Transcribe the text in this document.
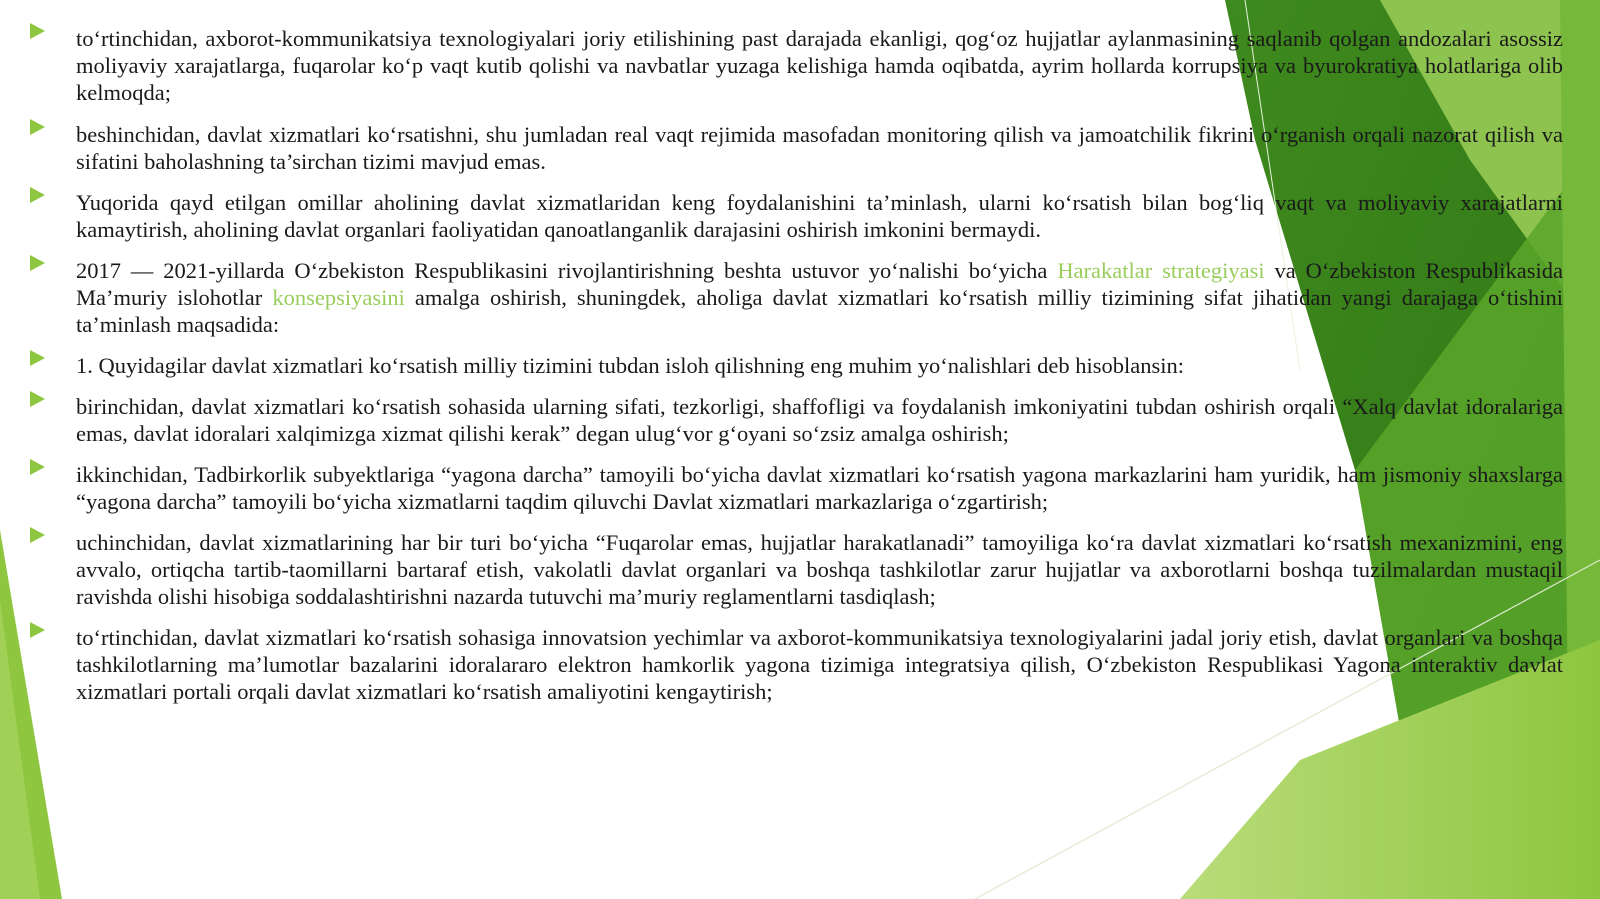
to‘rtinchidan, axborot-kommunikatsiya texnologiyalari joriy etilishining past darajada ekanligi, qog‘oz hujjatlar aylanmasining saqlanib qolgan andozalari asossiz moliyaviy xarajatlarga, fuqarolar ko‘p vaqt kutib qolishi va navbatlar yuzaga kelishiga hamda oqibatda, ayrim hollarda korrupsiya va byurokratiya holatlariga olib kelmoqda;
beshinchidan, davlat xizmatlari ko‘rsatishni, shu jumladan real vaqt rejimida masofadan monitoring qilish va jamoatchilik fikrini o‘rganish orqali nazorat qilish va sifatini baholashning ta’sirchan tizimi mavjud emas.
Yuqorida qayd etilgan omillar aholining davlat xizmatlaridan keng foydalanishini ta’minlash, ularni ko‘rsatish bilan bog‘liq vaqt va moliyaviy xarajatlarni kamaytirish, aholining davlat organlari faoliyatidan qanoatlanganlik darajasini oshirish imkonini bermaydi.
2017 — 2021-yillarda O‘zbekiston Respublikasini rivojlantirishning beshta ustuvor yo‘nalishi bo‘yicha Harakatlar strategiyasi va O‘zbekiston Respublikasida Ma’muriy islohotlar konsepsiyasini amalga oshirish, shuningdek, aholiga davlat xizmatlari ko‘rsatish milliy tizimining sifat jihatidan yangi darajaga o‘tishini ta’minlash maqsadida:
1. Quyidagilar davlat xizmatlari ko‘rsatish milliy tizimini tubdan isloh qilishning eng muhim yo‘nalishlari deb hisoblansin:
birinchidan, davlat xizmatlari ko‘rsatish sohasida ularning sifati, tezkorligi, shaffofligi va foydalanish imkoniyatini tubdan oshirish orqali “Xalq davlat idoralariga emas, davlat idoralari xalqimizga xizmat qilishi kerak” degan ulug‘vor g‘oyani so‘zsiz amalga oshirish;
ikkinchidan, Tadbirkorlik subyektlariga “yagona darcha” tamoyili bo‘yicha davlat xizmatlari ko‘rsatish yagona markazlarini ham yuridik, ham jismoniy shaxslarga “yagona darcha” tamoyili bo‘yicha xizmatlarni taqdim qiluvchi Davlat xizmatlari markazlariga o‘zgartirish;
uchinchidan, davlat xizmatlarining har bir turi bo‘yicha “Fuqarolar emas, hujjatlar harakatlanadi” tamoyiliga ko‘ra davlat xizmatlari ko‘rsatish mexanizmini, eng avvalo, ortiqcha tartib-taomillarni bartaraf etish, vakolatli davlat organlari va boshqa tashkilotlar zarur hujjatlar va axborotlarni boshqa tuzilmalardan mustaqil ravishda olishi hisobiga soddalashtirishni nazarda tutuvchi ma’muriy reglamentlarni tasdiqlash;
to‘rtinchidan, davlat xizmatlari ko‘rsatish sohasiga innovatsion yechimlar va axborot-kommunikatsiya texnologiyalarini jadal joriy etish, davlat organlari va boshqa tashkilotlarning ma’lumotlar bazalarini idoralararo elektron hamkorlik yagona tizimiga integratsiya qilish, O‘zbekiston Respublikasi Yagona interaktiv davlat xizmatlari portali orqali davlat xizmatlari ko‘rsatish amaliyotini kengaytirish;
